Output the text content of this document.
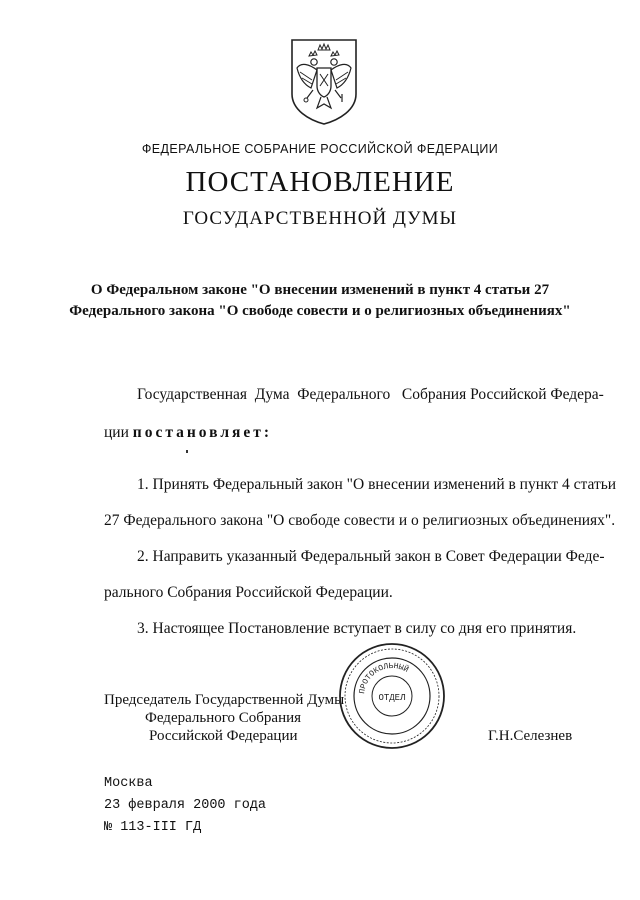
ФЕДЕРАЛЬНОЕ СОБРАНИЕ РОССИЙСКОЙ ФЕДЕРАЦИИ
ПОСТАНОВЛЕНИЕ
ГОСУДАРСТВЕННОЙ ДУМЫ
О Федеральном законе "О внесении изменений в пункт 4 статьи 27
Федерального закона "О свободе совести и о религиозных объединениях"
Государственная  Дума  Федерального   Собрания Российской Федера-
ции постановляет:
1. Принять Федеральный закон "О внесении изменений в пункт 4 статьи
27 Федерального закона "О свободе совести и о религиозных объединениях".
2. Направить указанный Федеральный закон в Совет Федерации Феде-
рального Собрания Российской Федерации.
3. Настоящее Постановление вступает в силу со дня его принятия.
Председатель Государственной Думы
Федерального Собрания
Российской Федерации	Г.Н.Селезнев
ПРОТОКОЛЬНЫЙ
ОТДЕЛ
Москва
23 февраля 2000 года
№ 113-III ГД
